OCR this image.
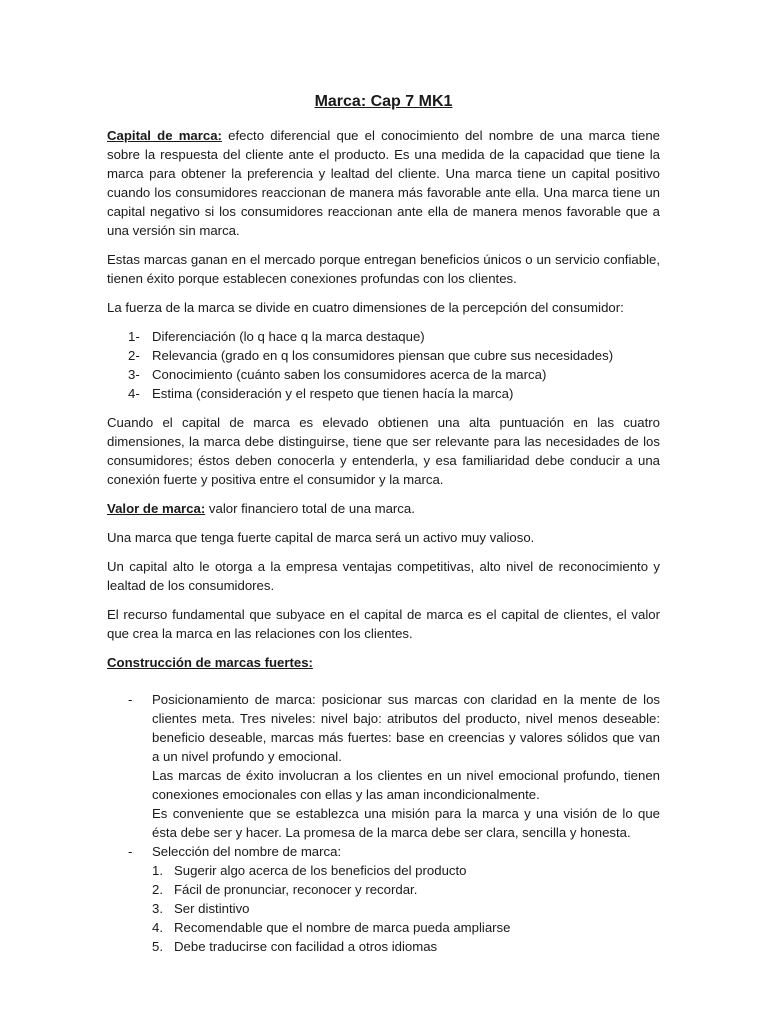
Marca: Cap 7 MK1

Capital de marca: efecto diferencial que el conocimiento del nombre de una marca tiene sobre la respuesta del cliente ante el producto. Es una medida de la capacidad que tiene la marca para obtener la preferencia y lealtad del cliente. Una marca tiene un capital positivo cuando los consumidores reaccionan de manera más favorable ante ella. Una marca tiene un capital negativo si los consumidores reaccionan ante ella de manera menos favorable que a una versión sin marca.

Estas marcas ganan en el mercado porque entregan beneficios únicos o un servicio confiable, tienen éxito porque establecen conexiones profundas con los clientes.

La fuerza de la marca se divide en cuatro dimensiones de la percepción del consumidor:

1- Diferenciación (lo q hace q la marca destaque)
2- Relevancia (grado en q los consumidores piensan que cubre sus necesidades)
3- Conocimiento (cuánto saben los consumidores acerca de la marca)
4- Estima (consideración y el respeto que tienen hacía la marca)

Cuando el capital de marca es elevado obtienen una alta puntuación en las cuatro dimensiones, la marca debe distinguirse, tiene que ser relevante para las necesidades de los consumidores; éstos deben conocerla y entenderla, y esa familiaridad debe conducir a una conexión fuerte y positiva entre el consumidor y la marca.

Valor de marca: valor financiero total de una marca.

Una marca que tenga fuerte capital de marca será un activo muy valioso.

Un capital alto le otorga a la empresa ventajas competitivas, alto nivel de reconocimiento y lealtad de los consumidores.

El recurso fundamental que subyace en el capital de marca es el capital de clientes, el valor que crea la marca en las relaciones con los clientes.

Construcción de marcas fuertes:
- Posicionamiento de marca: posicionar sus marcas con claridad en la mente de los clientes meta. Tres niveles: nivel bajo: atributos del producto, nivel menos deseable: beneficio deseable, marcas más fuertes: base en creencias y valores sólidos que van a un nivel profundo y emocional.

Las marcas de éxito involucran a los clientes en un nivel emocional profundo, tienen conexiones emocionales con ellas y las aman incondicionalmente.

Es conveniente que se establezca una misión para la marca y una visión de lo que ésta debe ser y hacer. La promesa de la marca debe ser clara, sencilla y honesta.

- Selección del nombre de marca:
1. Sugerir algo acerca de los beneficios del producto
2. Fácil de pronunciar, reconocer y recordar.
3. Ser distintivo
4. Recomendable que el nombre de marca pueda ampliarse
5. Debe traducirse con facilidad a otros idiomas
